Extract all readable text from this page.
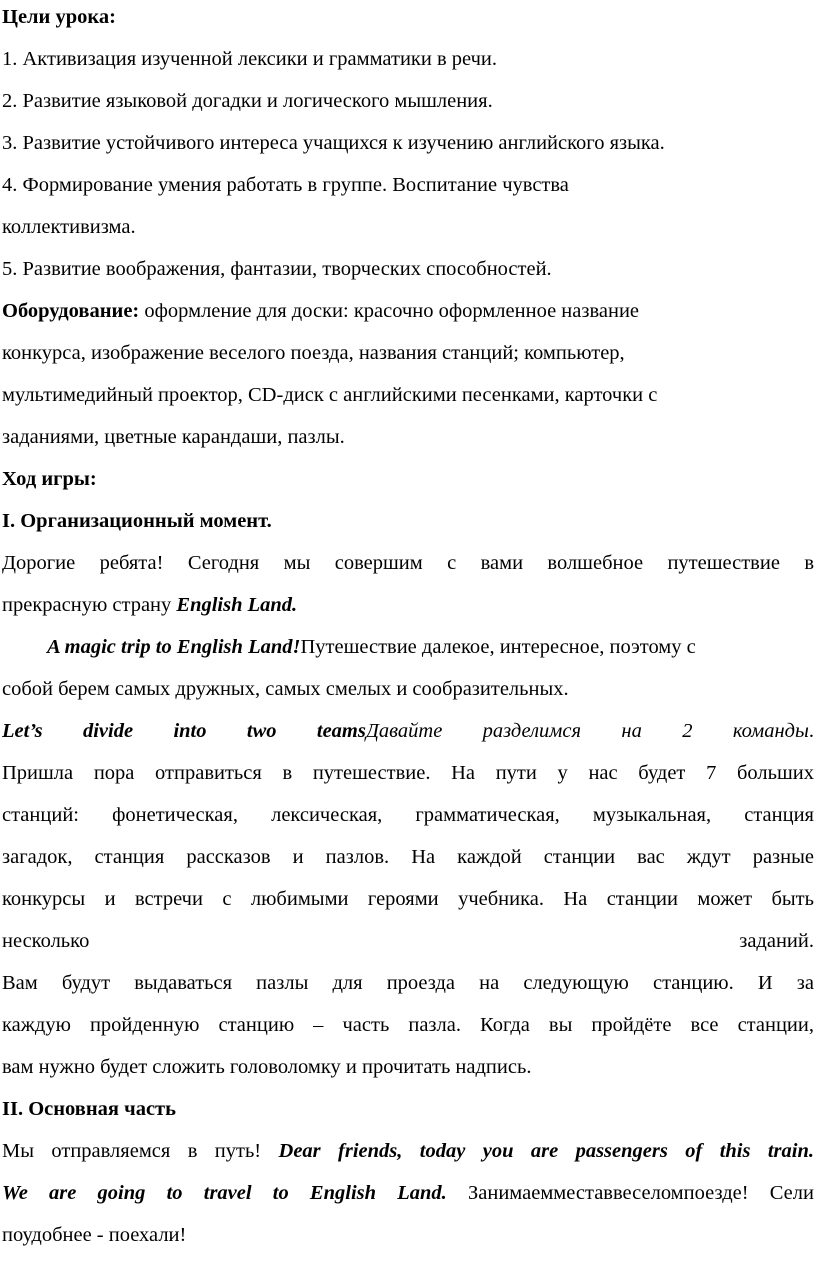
Цели урока:
1. Активизация изученной лексики и грамматики в речи.
2. Развитие языковой догадки и логического мышления.
3. Развитие устойчивого интереса учащихся к изучению английского языка.
4. Формирование умения работать в группе. Воспитание чувства
коллективизма.
5. Развитие воображения, фантазии, творческих способностей.
Оборудование: оформление для доски: красочно оформленное название
конкурса, изображение веселого поезда, названия станций; компьютер,
мультимедийный проектор, CD-диск с английскими песенками, карточки с
заданиями, цветные карандаши, пазлы.
Ход игры:
I. Организационный момент.
Дорогие ребята! Сегодня мы совершим с вами волшебное путешествие в
прекрасную страну English Land.
A magic trip to English Land!Путешествие далекое, интересное, поэтому с
собой берем самых дружных, самых смелых и сообразительных.
Let’s divide into two teamsДавайте разделимся на 2 команды.
Пришла пора отправиться в путешествие. На пути у нас будет 7 больших
станций: фонетическая, лексическая, грамматическая, музыкальная, станция
загадок, станция рассказов и пазлов. На каждой станции вас ждут разные
конкурсы и встречи с любимыми героями учебника. На станции может быть
несколько	заданий.
Вам будут выдаваться пазлы для проезда на следующую станцию. И за
каждую пройденную станцию – часть пазла. Когда вы пройдёте все станции,
вам нужно будет сложить головоломку и прочитать надпись.
II. Основная часть
Мы отправляемся в путь! Dear friends, today you are passengers of this train.
We are going to travel to English Land. Занимаемместаввеселомпоезде! Сели
поудобнее - поехали!
